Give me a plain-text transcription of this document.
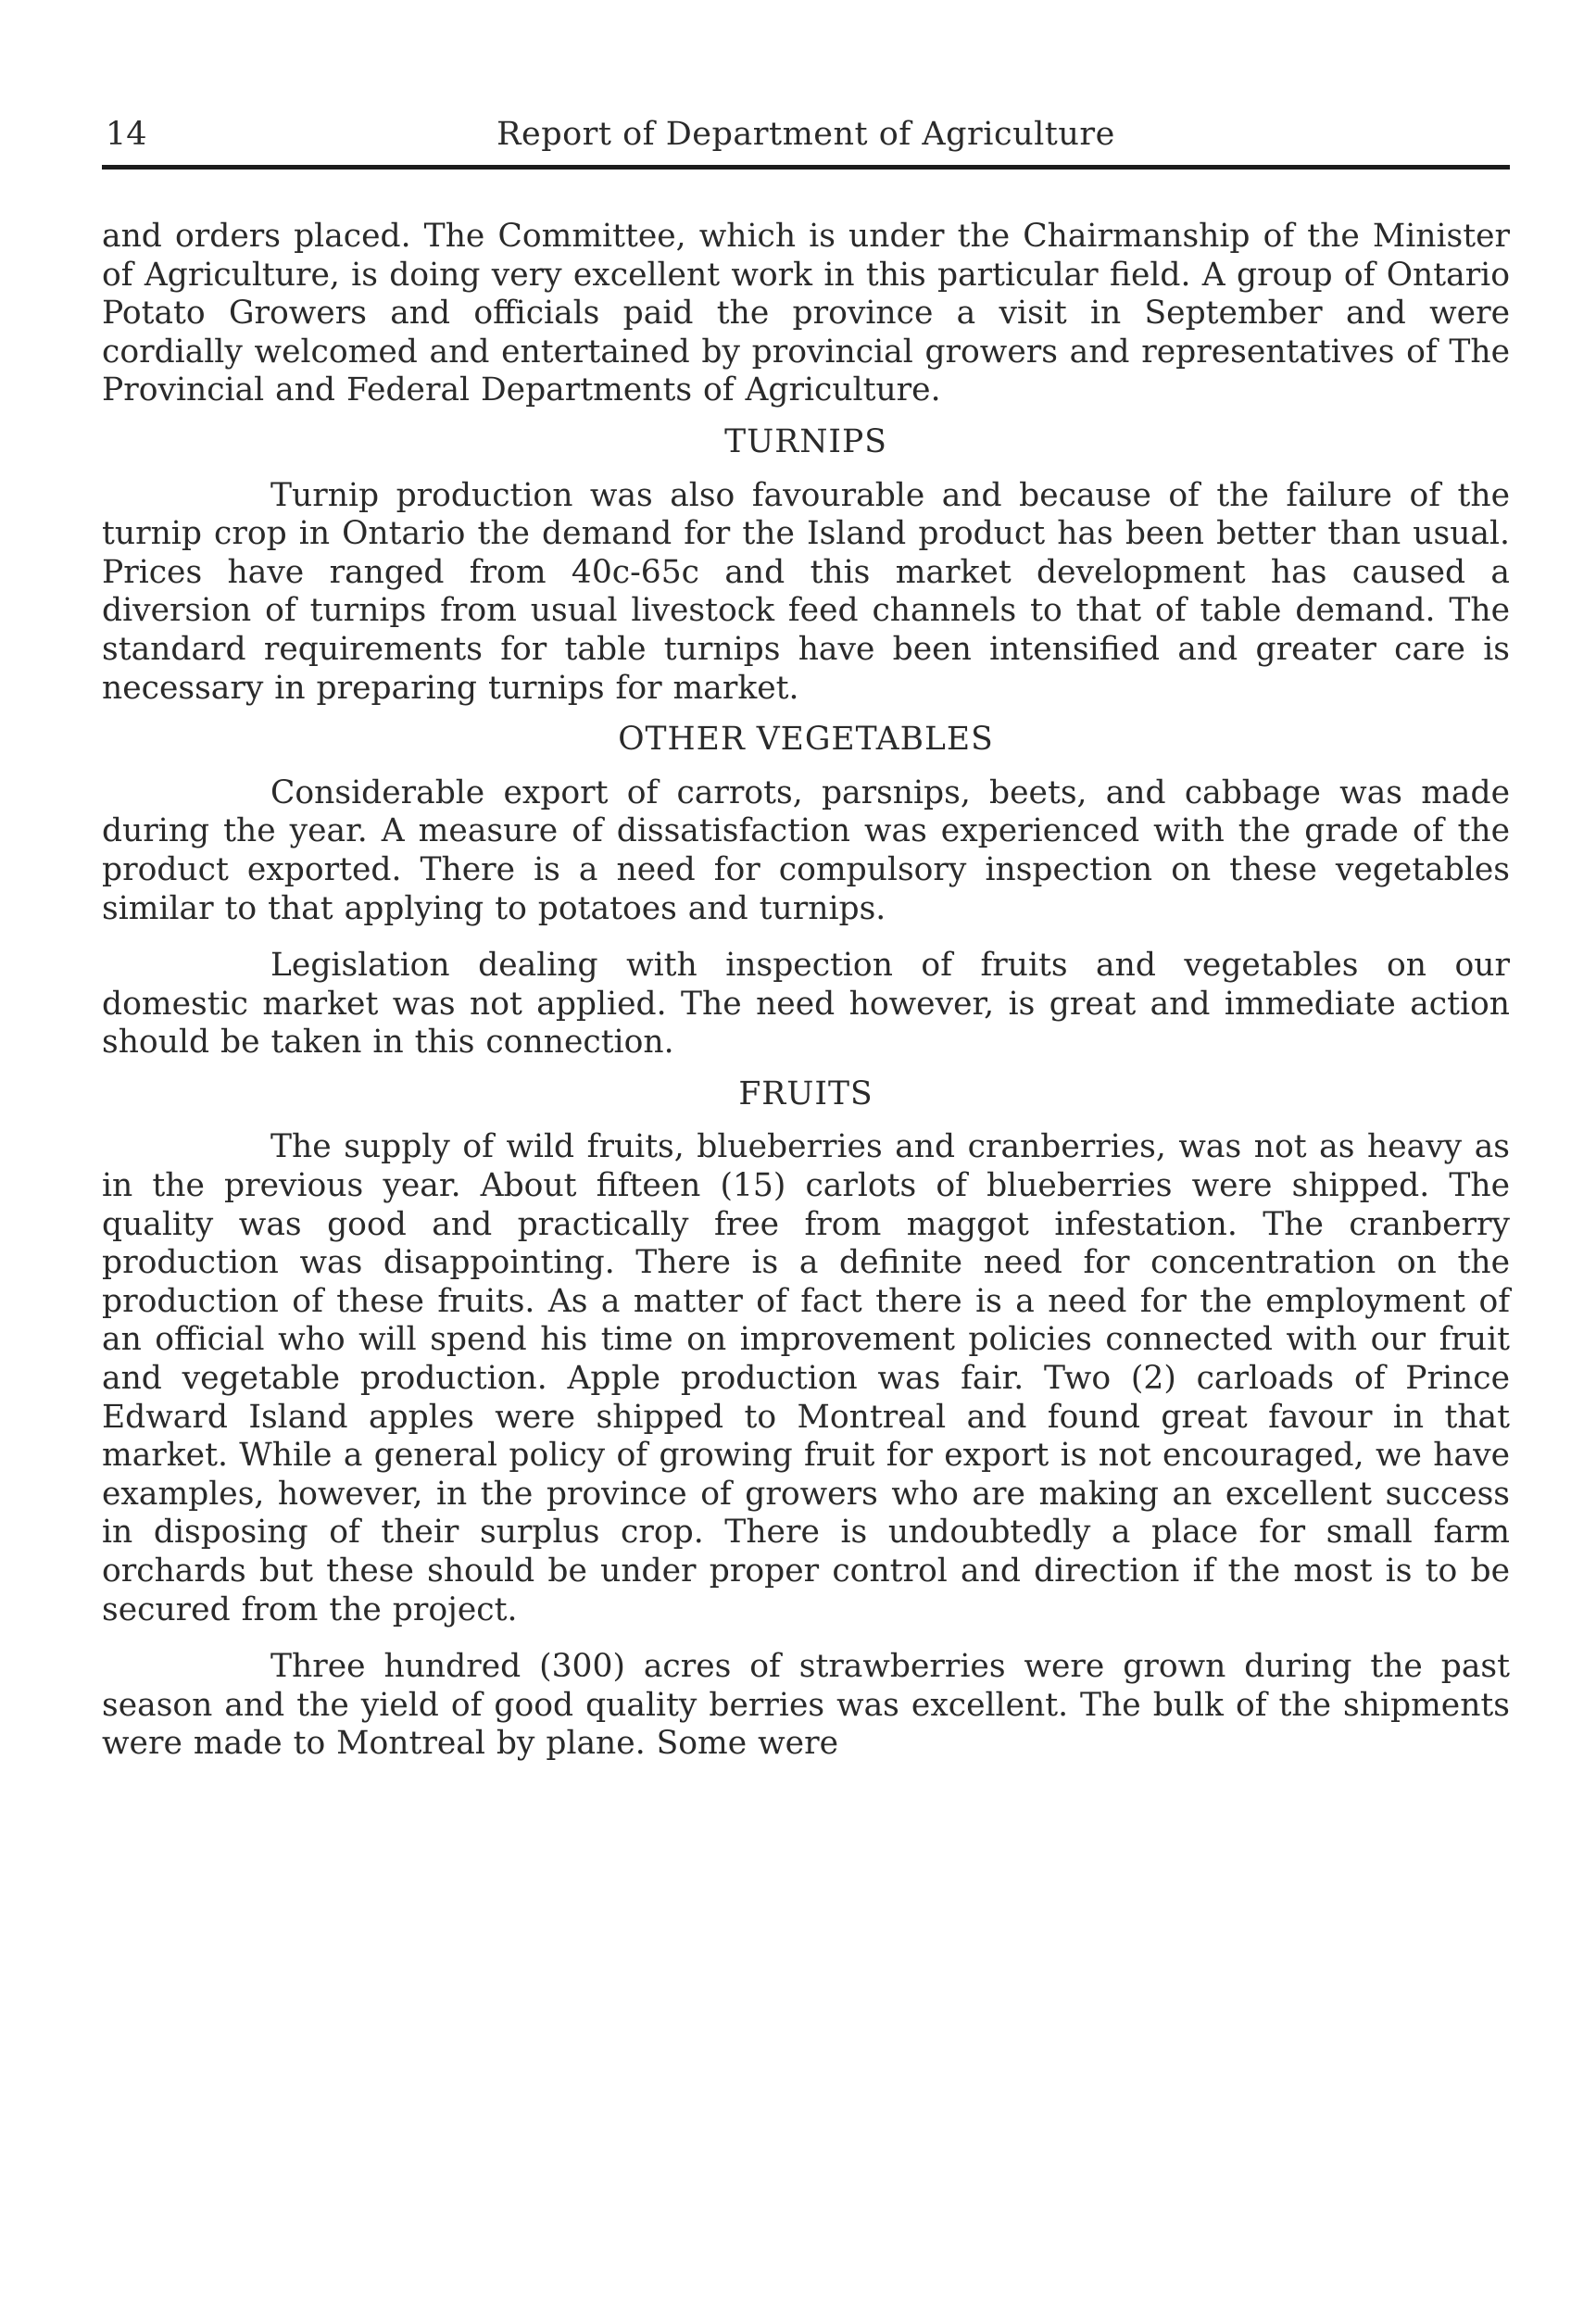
14	Report of Department of Agriculture

and orders placed. The Committee, which is under the Chairmanship of the Minister of Agriculture, is doing very excellent work in this particular field. A group of Ontario Potato Growers and officials paid the province a visit in September and were cordially welcomed and entertained by provincial growers and representatives of The Provincial and Federal Departments of Agriculture.

TURNIPS

Turnip production was also favourable and because of the failure of the turnip crop in Ontario the demand for the Island product has been better than usual. Prices have ranged from 40c-65c and this market development has caused a diversion of turnips from usual livestock feed channels to that of table demand. The standard requirements for table turnips have been intensified and greater care is necessary in preparing turnips for market.

OTHER VEGETABLES

Considerable export of carrots, parsnips, beets, and cabbage was made during the year. A measure of dissatisfaction was experienced with the grade of the product exported. There is a need for compulsory inspection on these vegetables similar to that applying to potatoes and turnips.

Legislation dealing with inspection of fruits and vegetables on our domestic market was not applied. The need however, is great and immediate action should be taken in this connection.

FRUITS

The supply of wild fruits, blueberries and cranberries, was not as heavy as in the previous year. About fifteen (15) carlots of blueberries were shipped. The quality was good and practically free from maggot infestation. The cranberry production was disappointing. There is a definite need for concentration on the production of these fruits. As a matter of fact there is a need for the employment of an official who will spend his time on improvement policies connected with our fruit and vegetable production. Apple production was fair. Two (2) carloads of Prince Edward Island apples were shipped to Montreal and found great favour in that market. While a general policy of growing fruit for export is not encouraged, we have examples, however, in the province of growers who are making an excellent success in disposing of their surplus crop. There is undoubtedly a place for small farm orchards but these should be under proper control and direction if the most is to be secured from the project.

Three hundred (300) acres of strawberries were grown during the past season and the yield of good quality berries was excellent. The bulk of the shipments were made to Montreal by plane. Some were
